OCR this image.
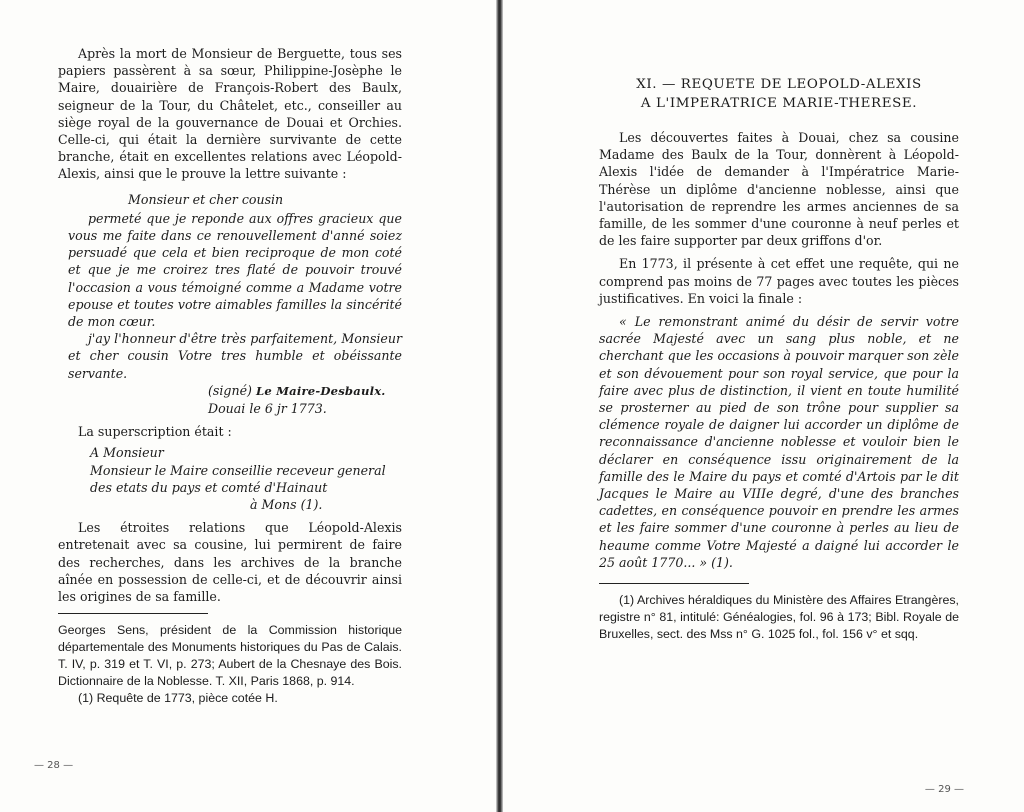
Après la mort de Monsieur de Berguette, tous ses papiers passèrent à sa sœur, Philippine-Josèphe le Maire, douairière de François-Robert des Baulx, seigneur de la Tour, du Châtelet, etc., conseiller au siège royal de la gouvernance de Douai et Orchies. Celle-ci, qui était la dernière survivante de cette branche, était en excellentes relations avec Léopold-Alexis, ainsi que le prouve la lettre suivante :

Monsieur et cher cousin

permeté que je reponde aux offres gracieux que vous me faite dans ce renouvellement d'anné soiez persuadé que cela et bien reciproque de mon coté et que je me croirez tres flaté de pouvoir trouvé l'occasion a vous témoigné comme a Madame votre epouse et toutes votre aimables familles la sincérité de mon cœur.

j'ay l'honneur d'être très parfaitement, Monsieur et cher cousin Votre tres humble et obéissante servante.

(signé) Le Maire-Desbaulx.

Douai le 6 jr 1773.

La superscription était :

A Monsieur

Monsieur le Maire conseillie receveur general

des etats du pays et comté d'Hainaut

à Mons (1).

Les étroites relations que Léopold-Alexis entretenait avec sa cousine, lui permirent de faire des recherches, dans les archives de la branche aînée en possession de celle-ci, et de découvrir ainsi les origines de sa famille.

Georges Sens, président de la Commission historique départementale des Monuments historiques du Pas de Calais. T. IV, p. 319 et T. VI, p. 273; Aubert de la Chesnaye des Bois. Dictionnaire de la Noblesse. T. XII, Paris 1868, p. 914.

(1) Requête de 1773, pièce cotée H.

— 28 —
XI. — REQUETE DE LEOPOLD-ALEXIS
A L'IMPERATRICE MARIE-THERESE.

Les découvertes faites à Douai, chez sa cousine Madame des Baulx de la Tour, donnèrent à Léopold-Alexis l'idée de demander à l'Impératrice Marie-Thérèse un diplôme d'ancienne noblesse, ainsi que l'autorisation de reprendre les armes anciennes de sa famille, de les sommer d'une couronne à neuf perles et de les faire supporter par deux griffons d'or.

En 1773, il présente à cet effet une requête, qui ne comprend pas moins de 77 pages avec toutes les pièces justificatives. En voici la finale :

« Le remonstrant animé du désir de servir votre sacrée Majesté avec un sang plus noble, et ne cherchant que les occasions à pouvoir marquer son zèle et son dévouement pour son royal service, que pour la faire avec plus de distinction, il vient en toute humilité se prosterner au pied de son trône pour supplier sa clémence royale de daigner lui accorder un diplôme de reconnaissance d'ancienne noblesse et vouloir bien le déclarer en conséquence issu originairement de la famille des le Maire du pays et comté d'Artois par le dit Jacques le Maire au VIIIe degré, d'une des branches cadettes, en conséquence pouvoir en prendre les armes et les faire sommer d'une couronne à perles au lieu de heaume comme Votre Majesté a daigné lui accorder le 25 août 1770... » (1).

(1) Archives héraldiques du Ministère des Affaires Etrangères, registre n° 81, intitulé: Généalogies, fol. 96 à 173; Bibl. Royale de Bruxelles, sect. des Mss n° G. 1025 fol., fol. 156 v° et sqq.

— 29 —
